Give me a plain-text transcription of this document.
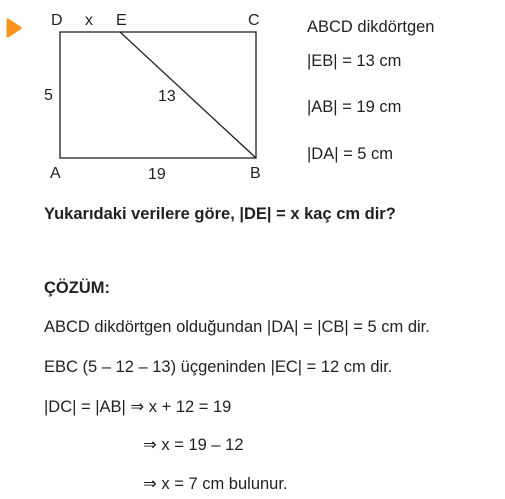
D	E	C
A	B
x
5	13
19
ABCD dikdörtgen
|EB| = 13 cm
|AB| = 19 cm
|DA| = 5 cm
Yukarıdaki verilere göre, |DE| = x kaç cm dir?
ÇÖZÜM:
ABCD dikdörtgen olduğundan |DA| = |CB| = 5 cm dir.
EBC (5 – 12 – 13) üçgeninden |EC| = 12 cm dir.
|DC| = |AB| ⇒ x + 12 = 19
⇒ x = 19 – 12
⇒ x = 7 cm bulunur.
